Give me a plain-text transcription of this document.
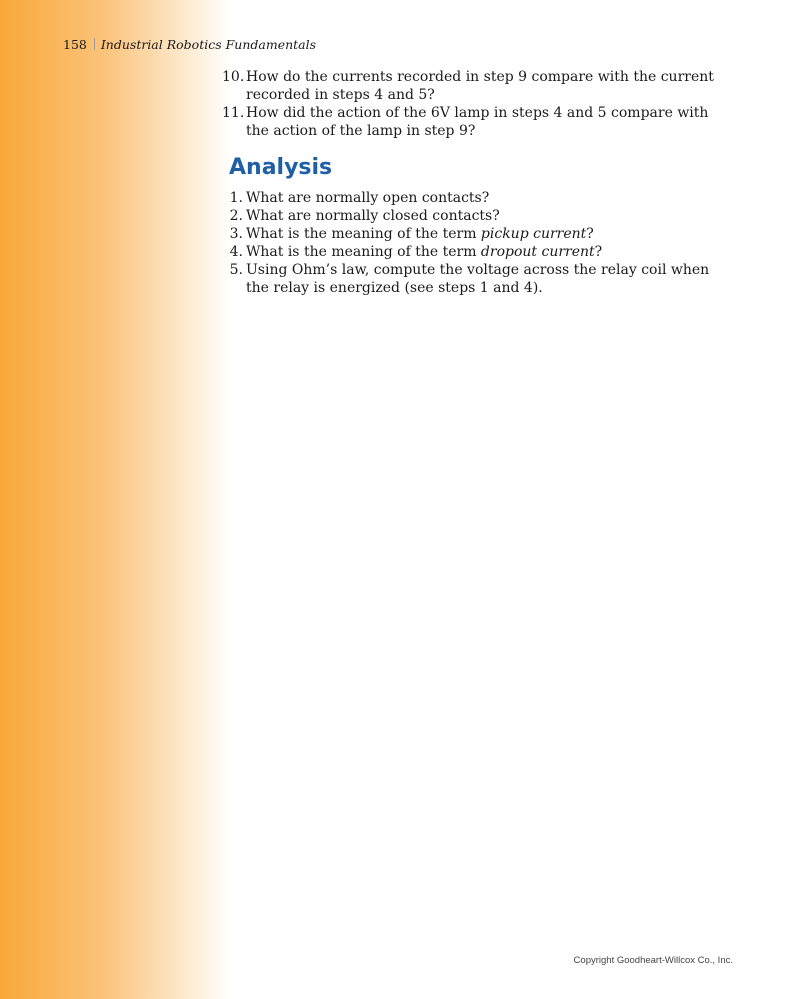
158 Industrial Robotics Fundamentals
10. How do the currents recorded in step 9 compare with the current recorded in steps 4 and 5?
11. How did the action of the 6V lamp in steps 4 and 5 compare with the action of the lamp in step 9?
Analysis
1. What are normally open contacts?
2. What are normally closed contacts?
3. What is the meaning of the term pickup current?
4. What is the meaning of the term dropout current?
5. Using Ohm’s law, compute the voltage across the relay coil when the relay is energized (see steps 1 and 4).
Copyright Goodheart-Willcox Co., Inc.
